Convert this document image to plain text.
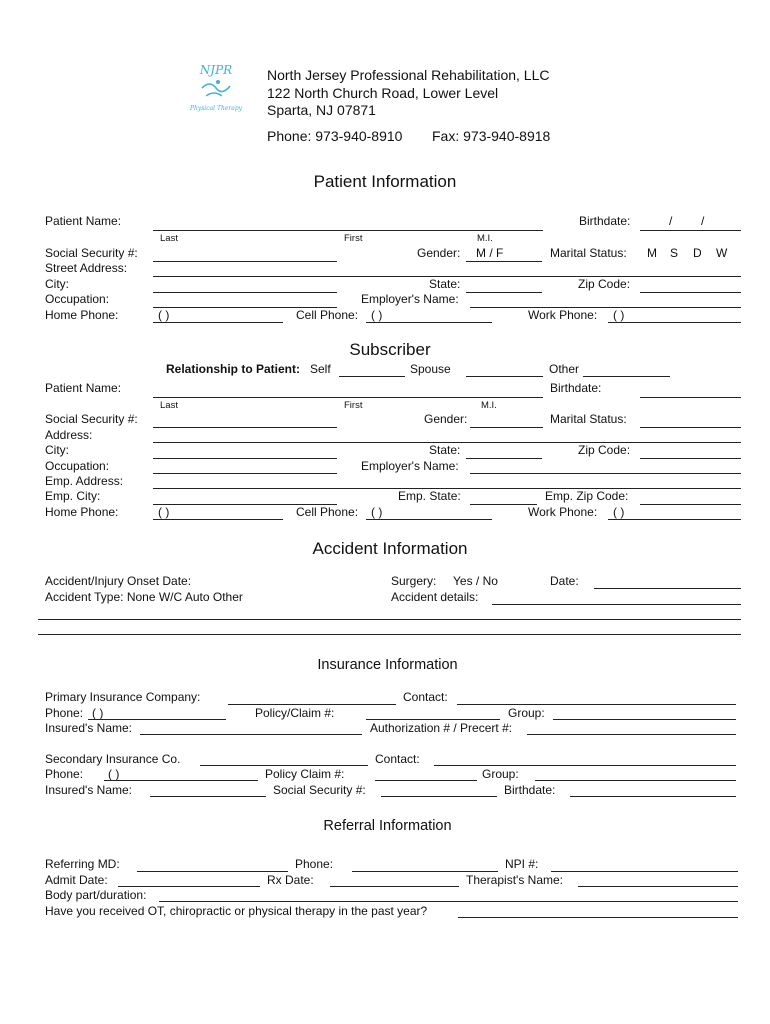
NJPR
Physical Therapy
North Jersey Professional Rehabilitation, LLC
122 North Church Road, Lower Level
Sparta, NJ 07871
Phone: 973-940-8910 Fax: 973-940-8918
Patient Information
Patient Name:	Birthdate:	/ /
Last	First	M.I.
Social Security #:	Gender: M / F	Marital Status: M S D W
Street Address:
City:	State:	Zip Code:
Occupation:	Employer's Name:
Home Phone:	( )	Cell Phone: ( )	Work Phone: ( )
Subscriber
Relationship to Patient: Self	Spouse	Other
Patient Name:	Birthdate:
Last	First	M.I.
Social Security #:	Gender:	Marital Status:
Address:
City:	State:	Zip Code:
Occupation:	Employer's Name:
Emp. Address:
Emp. City:	Emp. State:	Emp. Zip Code:
Home Phone:	( )	Cell Phone: ( )	Work Phone: ( )
Accident Information
Accident/Injury Onset Date:	Surgery: Yes / No	Date:
Accident Type: None W/C Auto Other	Accident details:
Insurance Information
Primary Insurance Company:	Contact:
Phone: ( )	Policy/Claim #:	Group:
Insured's Name:	Authorization # / Precert #:
Secondary Insurance Co.	Contact:
Phone: ( )	Policy Claim #:	Group:
Insured's Name:	Social Security #:	Birthdate:
Referral Information
Referring MD:	Phone:	NPI #:
Admit Date:	Rx Date:	Therapist's Name:
Body part/duration:
Have you received OT, chiropractic or physical therapy in the past year?
